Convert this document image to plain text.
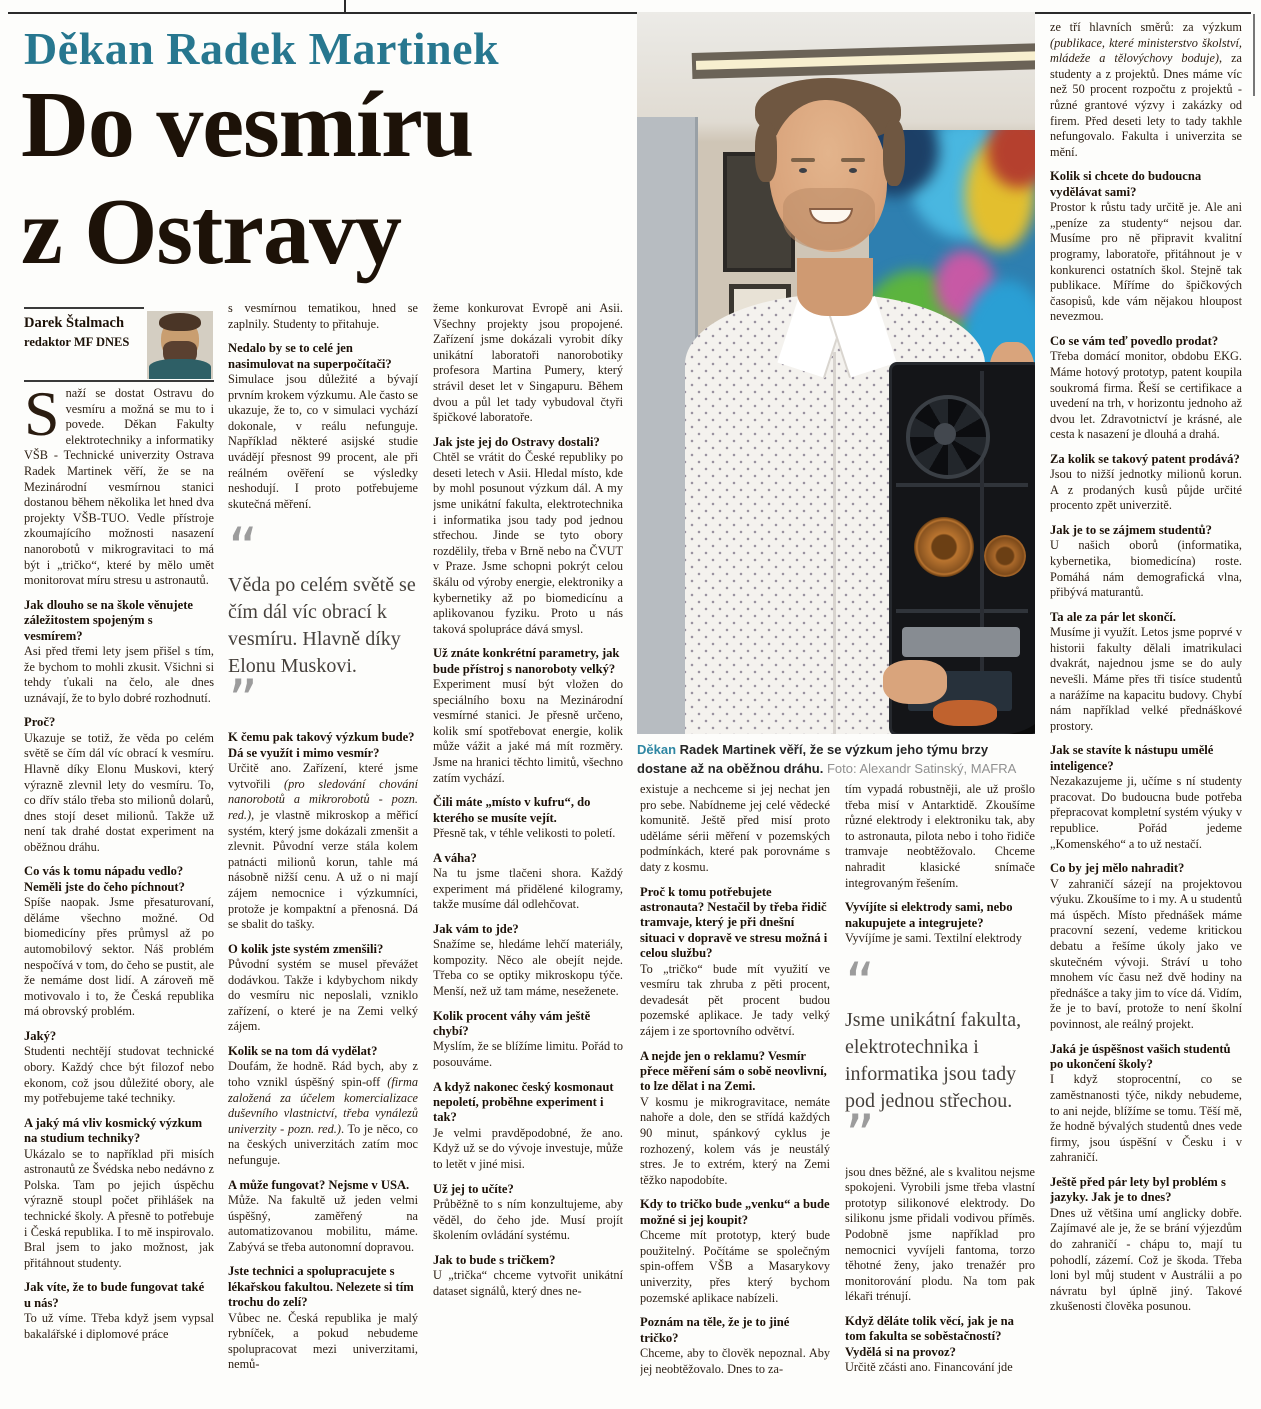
Děkan Radek Martinek
Do vesmíru
z Ostravy
Darek Štalmach
redaktor MF DNES

Snaží se dostat Ostravu do vesmíru a možná se mu to i povede. Děkan Fakulty elektrotechniky a informatiky VŠB - Technické univerzity Ostrava Radek Martinek věří, že se na Mezinárodní vesmírnou stanici dostanou během několika let hned dva projekty VŠB-TUO. Vedle přístroje zkoumajícího možnosti nasazení nanorobotů v mikrogravitaci to má být i „tričko“, které by mělo umět monitorovat míru stresu u astronautů.

Jak dlouho se na škole věnujete záležitostem spojeným s vesmírem?

Asi před třemi lety jsem přišel s tím, že bychom to mohli zkusit. Všichni si tehdy ťukali na čelo, ale dnes uznávají, že to bylo dobré rozhodnutí.

Proč?

Ukazuje se totiž, že věda po celém světě se čím dál víc obrací k vesmíru. Hlavně díky Elonu Muskovi, který výrazně zlevnil lety do vesmíru. To, co dřív stálo třeba sto milionů dolarů, dnes stojí deset milionů. Takže už není tak drahé dostat experiment na oběžnou dráhu.

Co vás k tomu nápadu vedlo? Neměli jste do čeho píchnout?

Spíše naopak. Jsme přesaturovaní, děláme všechno možné. Od biomedicíny přes průmysl až po automobilový sektor. Náš problém nespočívá v tom, do čeho se pustit, ale že nemáme dost lidí. A zároveň mě motivovalo i to, že Česká republika má obrovský problém.

Jaký?

Studenti nechtějí studovat technické obory. Každý chce být filozof nebo ekonom, což jsou důležité obory, ale my potřebujeme také techniky.

A jaký má vliv kosmický výzkum na studium techniky?

Ukázalo se to například při misích astronautů ze Švédska nebo nedávno z Polska. Tam po jejich úspěchu výrazně stoupl počet přihlášek na technické školy. A přesně to potřebuje i Česká republika. I to mě inspirovalo. Bral jsem to jako možnost, jak přitáhnout studenty.

Jak víte, že to bude fungovat také u nás?

To už víme. Třeba když jsem vypsal bakalářské i diplomové práce

s vesmírnou tematikou, hned se zaplnily. Studenty to přitahuje.

Nedalo by se to celé jen nasimulovat na superpočítači?

Simulace jsou důležité a bývají prvním krokem výzkumu. Ale často se ukazuje, že to, co v simulaci vychází dokonale, v reálu nefunguje. Například některé asijské studie uvádějí přesnost 99 procent, ale při reálném ověření se výsledky neshodují. I proto potřebujeme skutečná měření.

“
Věda po celém světě se čím dál víc obrací k vesmíru. Hlavně díky Elonu Muskovi.
”
K čemu pak takový výzkum bude? Dá se využít i mimo vesmír?

Určitě ano. Zařízení, které jsme vytvořili (pro sledování chování nanorobotů a mikrorobotů - pozn. red.), je vlastně mikroskop a měřicí systém, který jsme dokázali zmenšit a zlevnit. Původní verze stála kolem patnácti milionů korun, tahle má násobně nižší cenu. A už o ni mají zájem nemocnice i výzkumníci, protože je kompaktní a přenosná. Dá se sbalit do tašky.

O kolik jste systém zmenšili?

Původní systém se musel převážet dodávkou. Takže i kdybychom nikdy do vesmíru nic neposlali, vzniklo zařízení, o které je na Zemi velký zájem.

Kolik se na tom dá vydělat?

Doufám, že hodně. Rád bych, aby z toho vznikl úspěšný spin-off (firma založená za účelem komercializace duševního vlastnictví, třeba vynálezů univerzity - pozn. red.). To je něco, co na českých univerzitách zatím moc nefunguje.

A může fungovat? Nejsme v USA.

Může. Na fakultě už jeden velmi úspěšný, zaměřený na automatizovanou mobilitu, máme. Zabývá se třeba autonomní dopravou.

Jste technici a spolupracujete s lékařskou fakultou. Nelezete si tím trochu do zelí?

Vůbec ne. Česká republika je malý rybníček, a pokud nebudeme spolupracovat mezi univerzitami, nemů-

žeme konkurovat Evropě ani Asii. Všechny projekty jsou propojené. Zařízení jsme dokázali vyrobit díky unikátní laboratoři nanorobotiky profesora Martina Pumery, který strávil deset let v Singapuru. Během dvou a půl let tady vybudoval čtyři špičkové laboratoře.

Jak jste jej do Ostravy dostali?

Chtěl se vrátit do České republiky po deseti letech v Asii. Hledal místo, kde by mohl posunout výzkum dál. A my jsme unikátní fakulta, elektrotechnika i informatika jsou tady pod jednou střechou. Jinde se tyto obory rozdělily, třeba v Brně nebo na ČVUT v Praze. Jsme schopni pokrýt celou škálu od výroby energie, elektroniky a kybernetiky až po biomedicínu a aplikovanou fyziku. Proto u nás taková spolupráce dává smysl.

Už znáte konkrétní parametry, jak bude přístroj s nanoroboty velký?

Experiment musí být vložen do speciálního boxu na Mezinárodní vesmírné stanici. Je přesně určeno, kolik smí spotřebovat energie, kolik může vážit a jaké má mít rozměry. Jsme na hranici těchto limitů, všechno zatím vychází.

Čili máte „místo v kufru“, do kterého se musíte vejít.

Přesně tak, v téhle velikosti to poletí.

A váha?

Na tu jsme tlačeni shora. Každý experiment má přidělené kilogramy, takže musíme dál odlehčovat.

Jak vám to jde?

Snažíme se, hledáme lehčí materiály, kompozity. Něco ale obejít nejde. Třeba co se optiky mikroskopu týče. Menší, než už tam máme, neseženete.

Kolik procent váhy vám ještě chybí?

Myslím, že se blížíme limitu. Pořád to posouváme.

A když nakonec český kosmonaut nepoletí, proběhne experiment i tak?

Je velmi pravděpodobné, že ano. Když už se do vývoje investuje, může to letět v jiné misi.

Už jej to učíte?

Průběžně to s ním konzultujeme, aby věděl, do čeho jde. Musí projít školením ovládání systému.

Jak to bude s tričkem?

U „trička“ chceme vytvořit unikátní dataset signálů, který dnes ne-

existuje a nechceme si jej nechat jen pro sebe. Nabídneme jej celé vědecké komunitě. Ještě před misí proto uděláme sérii měření v pozemských podmínkách, které pak porovnáme s daty z kosmu.

Proč k tomu potřebujete astronauta? Nestačil by třeba řidič tramvaje, který je při dnešní situaci v dopravě ve stresu možná i celou službu?

To „tričko“ bude mít využití ve vesmíru tak zhruba z pěti procent, devadesát pět procent budou pozemské aplikace. Je tady velký zájem i ze sportovního odvětví.

A nejde jen o reklamu? Vesmír přece měření sám o sobě neovlivní, to lze dělat i na Zemi.

V kosmu je mikrogravitace, nemáte nahoře a dole, den se střídá každých 90 minut, spánkový cyklus je rozhozený, kolem vás je neustálý stres. Je to extrém, který na Zemi těžko napodobíte.

Kdy to tričko bude „venku“ a bude možné si jej koupit?

Chceme mít prototyp, který bude použitelný. Počítáme se společným spin-offem VŠB a Masarykovy univerzity, přes který bychom pozemské aplikace nabízeli.

Poznám na těle, že je to jiné tričko?

Chceme, aby to člověk nepoznal. Aby jej neobtěžovalo. Dnes to za-

tím vypadá robustněji, ale už prošlo třeba misí v Antarktidě. Zkoušíme různé elektrody i elektroniku tak, aby to astronauta, pilota nebo i toho řidiče tramvaje neobtěžovalo. Chceme nahradit klasické snímače integrovaným řešením.

Vyvíjíte si elektrody sami, nebo nakupujete a integrujete?

Vyvíjíme je sami. Textilní elektrody

“
Jsme unikátní fakulta, elektrotechnika i informatika jsou tady pod jednou střechou.
”

jsou dnes běžné, ale s kvalitou nejsme spokojeni. Vyrobili jsme třeba vlastní prototyp silikonové elektrody. Do silikonu jsme přidali vodivou příměs. Podobně jsme například pro nemocnici vyvíjeli fantoma, torzo těhotné ženy, jako trenažér pro monitorování plodu. Na tom pak lékaři trénují.

Když děláte tolik věcí, jak je na tom fakulta se soběstačností? Vydělá si na provoz?

Určitě zčásti ano. Financování jde

ze tří hlavních směrů: za výzkum (publikace, které ministerstvo školství, mládeže a tělovýchovy boduje), za studenty a z projektů. Dnes máme víc než 50 procent rozpočtu z projektů - různé grantové výzvy i zakázky od firem. Před deseti lety to tady takhle nefungovalo. Fakulta i univerzita se mění.

Kolik si chcete do budoucna vydělávat sami?

Prostor k růstu tady určitě je. Ale ani „peníze za studenty“ nejsou dar. Musíme pro ně připravit kvalitní programy, laboratoře, přitáhnout je v konkurenci ostatních škol. Stejně tak publikace. Míříme do špičkových časopisů, kde vám nějakou hloupost nevezmou.

Co se vám teď povedlo prodat?

Třeba domácí monitor, obdobu EKG. Máme hotový prototyp, patent koupila soukromá firma. Řeší se certifikace a uvedení na trh, v horizontu jednoho až dvou let. Zdravotnictví je krásné, ale cesta k nasazení je dlouhá a drahá.

Za kolik se takový patent prodává?

Jsou to nižší jednotky milionů korun. A z prodaných kusů půjde určité procento zpět univerzitě.

Jak je to se zájmem studentů?

U našich oborů (informatika, kybernetika, biomedicína) roste. Pomáhá nám demografická vlna, přibývá maturantů.

Ta ale za pár let skončí.

Musíme ji využít. Letos jsme poprvé v historii fakulty dělali imatrikulaci dvakrát, najednou jsme se do auly nevešli. Máme přes tři tisíce studentů a narážíme na kapacitu budovy. Chybí nám například velké přednáškové prostory.

Jak se stavíte k nástupu umělé inteligence?

Nezakazujeme ji, učíme s ní studenty pracovat. Do budoucna bude potřeba přepracovat kompletní systém výuky v republice. Pořád jedeme „Komenského“ a to už nestačí.

Co by jej mělo nahradit?

V zahraničí sázejí na projektovou výuku. Zkoušíme to i my. A u studentů má úspěch. Místo přednášek máme pracovní sezení, vedeme kritickou debatu a řešíme úkoly jako ve skutečném vývoji. Stráví u toho mnohem víc času než dvě hodiny na přednášce a taky jim to více dá. Vidím, že je to baví, protože to není školní povinnost, ale reálný projekt.

Jaká je úspěšnost vašich studentů po ukončení školy?

I když stoprocentní, co se zaměstnanosti týče, nikdy nebudeme, to ani nejde, blížíme se tomu. Těší mě, že hodně bývalých studentů dnes vede firmy, jsou úspěšní v Česku i v zahraničí.

Ještě před pár lety byl problém s jazyky. Jak je to dnes?

Dnes už většina umí anglicky dobře. Zajímavé ale je, že se brání výjezdům do zahraničí - chápu to, mají tu pohodlí, zázemí. Což je škoda. Třeba loni byl můj student v Austrálii a po návratu byl úplně jiný. Takové zkušenosti člověka posunou.

Děkan Radek Martinek věří, že se výzkum jeho týmu brzy dostane až na oběžnou dráhu. Foto: Alexandr Satinský, MAFRA
